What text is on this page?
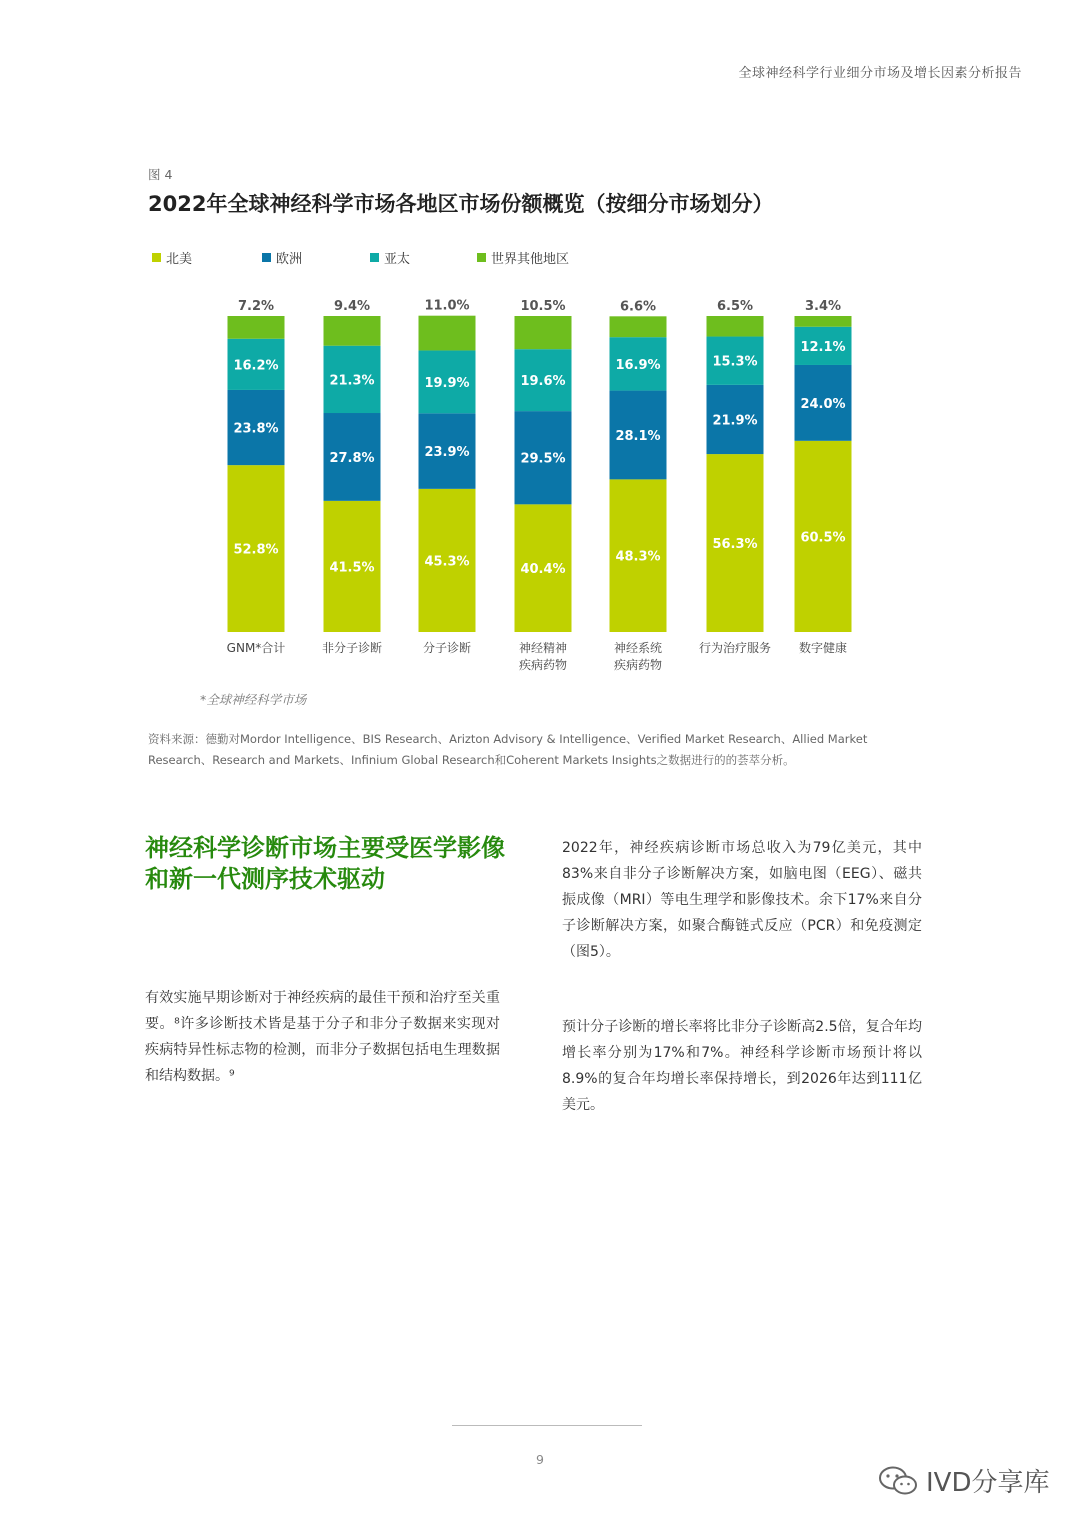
全球神经科学行业细分市场及增长因素分析报告
图 4
2022年全球神经科学市场各地区市场份额概览（按细分市场划分）
北美	欧洲	亚太	世界其他地区
52.8%
23.8%
16.2%
7.2%
GNM*合计
41.5%
27.8%
21.3%
9.4%
非分子诊断
45.3%
23.9%
19.9%
11.0%
分子诊断
40.4%
29.5%
19.6%
10.5%
神经精神
疾病药物
48.3%
28.1%
16.9%
6.6%
神经系统
疾病药物
56.3%
21.9%
15.3%
6.5%
行为治疗服务
60.5%
24.0%
12.1%
3.4%
数字健康
*全球神经科学市场
资料来源：德勤对Mordor Intelligence、BIS Research、Arizton Advisory & Intelligence、Verified Market Research、Allied Market Research、Research and Markets、Infinium Global Research和Coherent Markets Insights之数据进行的的荟萃分析。
神经科学诊断市场主要受医学影像和新一代测序技术驱动
有效实施早期诊断对于神经疾病的最佳干预和治疗至关重要。⁸许多诊断技术皆是基于分子和非分子数据来实现对疾病特异性标志物的检测，而非分子数据包括电生理数据和结构数据。⁹
2022年，神经疾病诊断市场总收入为79亿美元，其中83%来自非分子诊断解决方案，如脑电图（EEG）、磁共振成像（MRI）等电生理学和影像技术。余下17%来自分子诊断解决方案，如聚合酶链式反应（PCR）和免疫测定（图5）。
预计分子诊断的增长率将比非分子诊断高2.5倍，复合年均增长率分别为17%和7%。神经科学诊断市场预计将以8.9%的复合年均增长率保持增长，到2026年达到111亿美元。
9
IVD分享库
